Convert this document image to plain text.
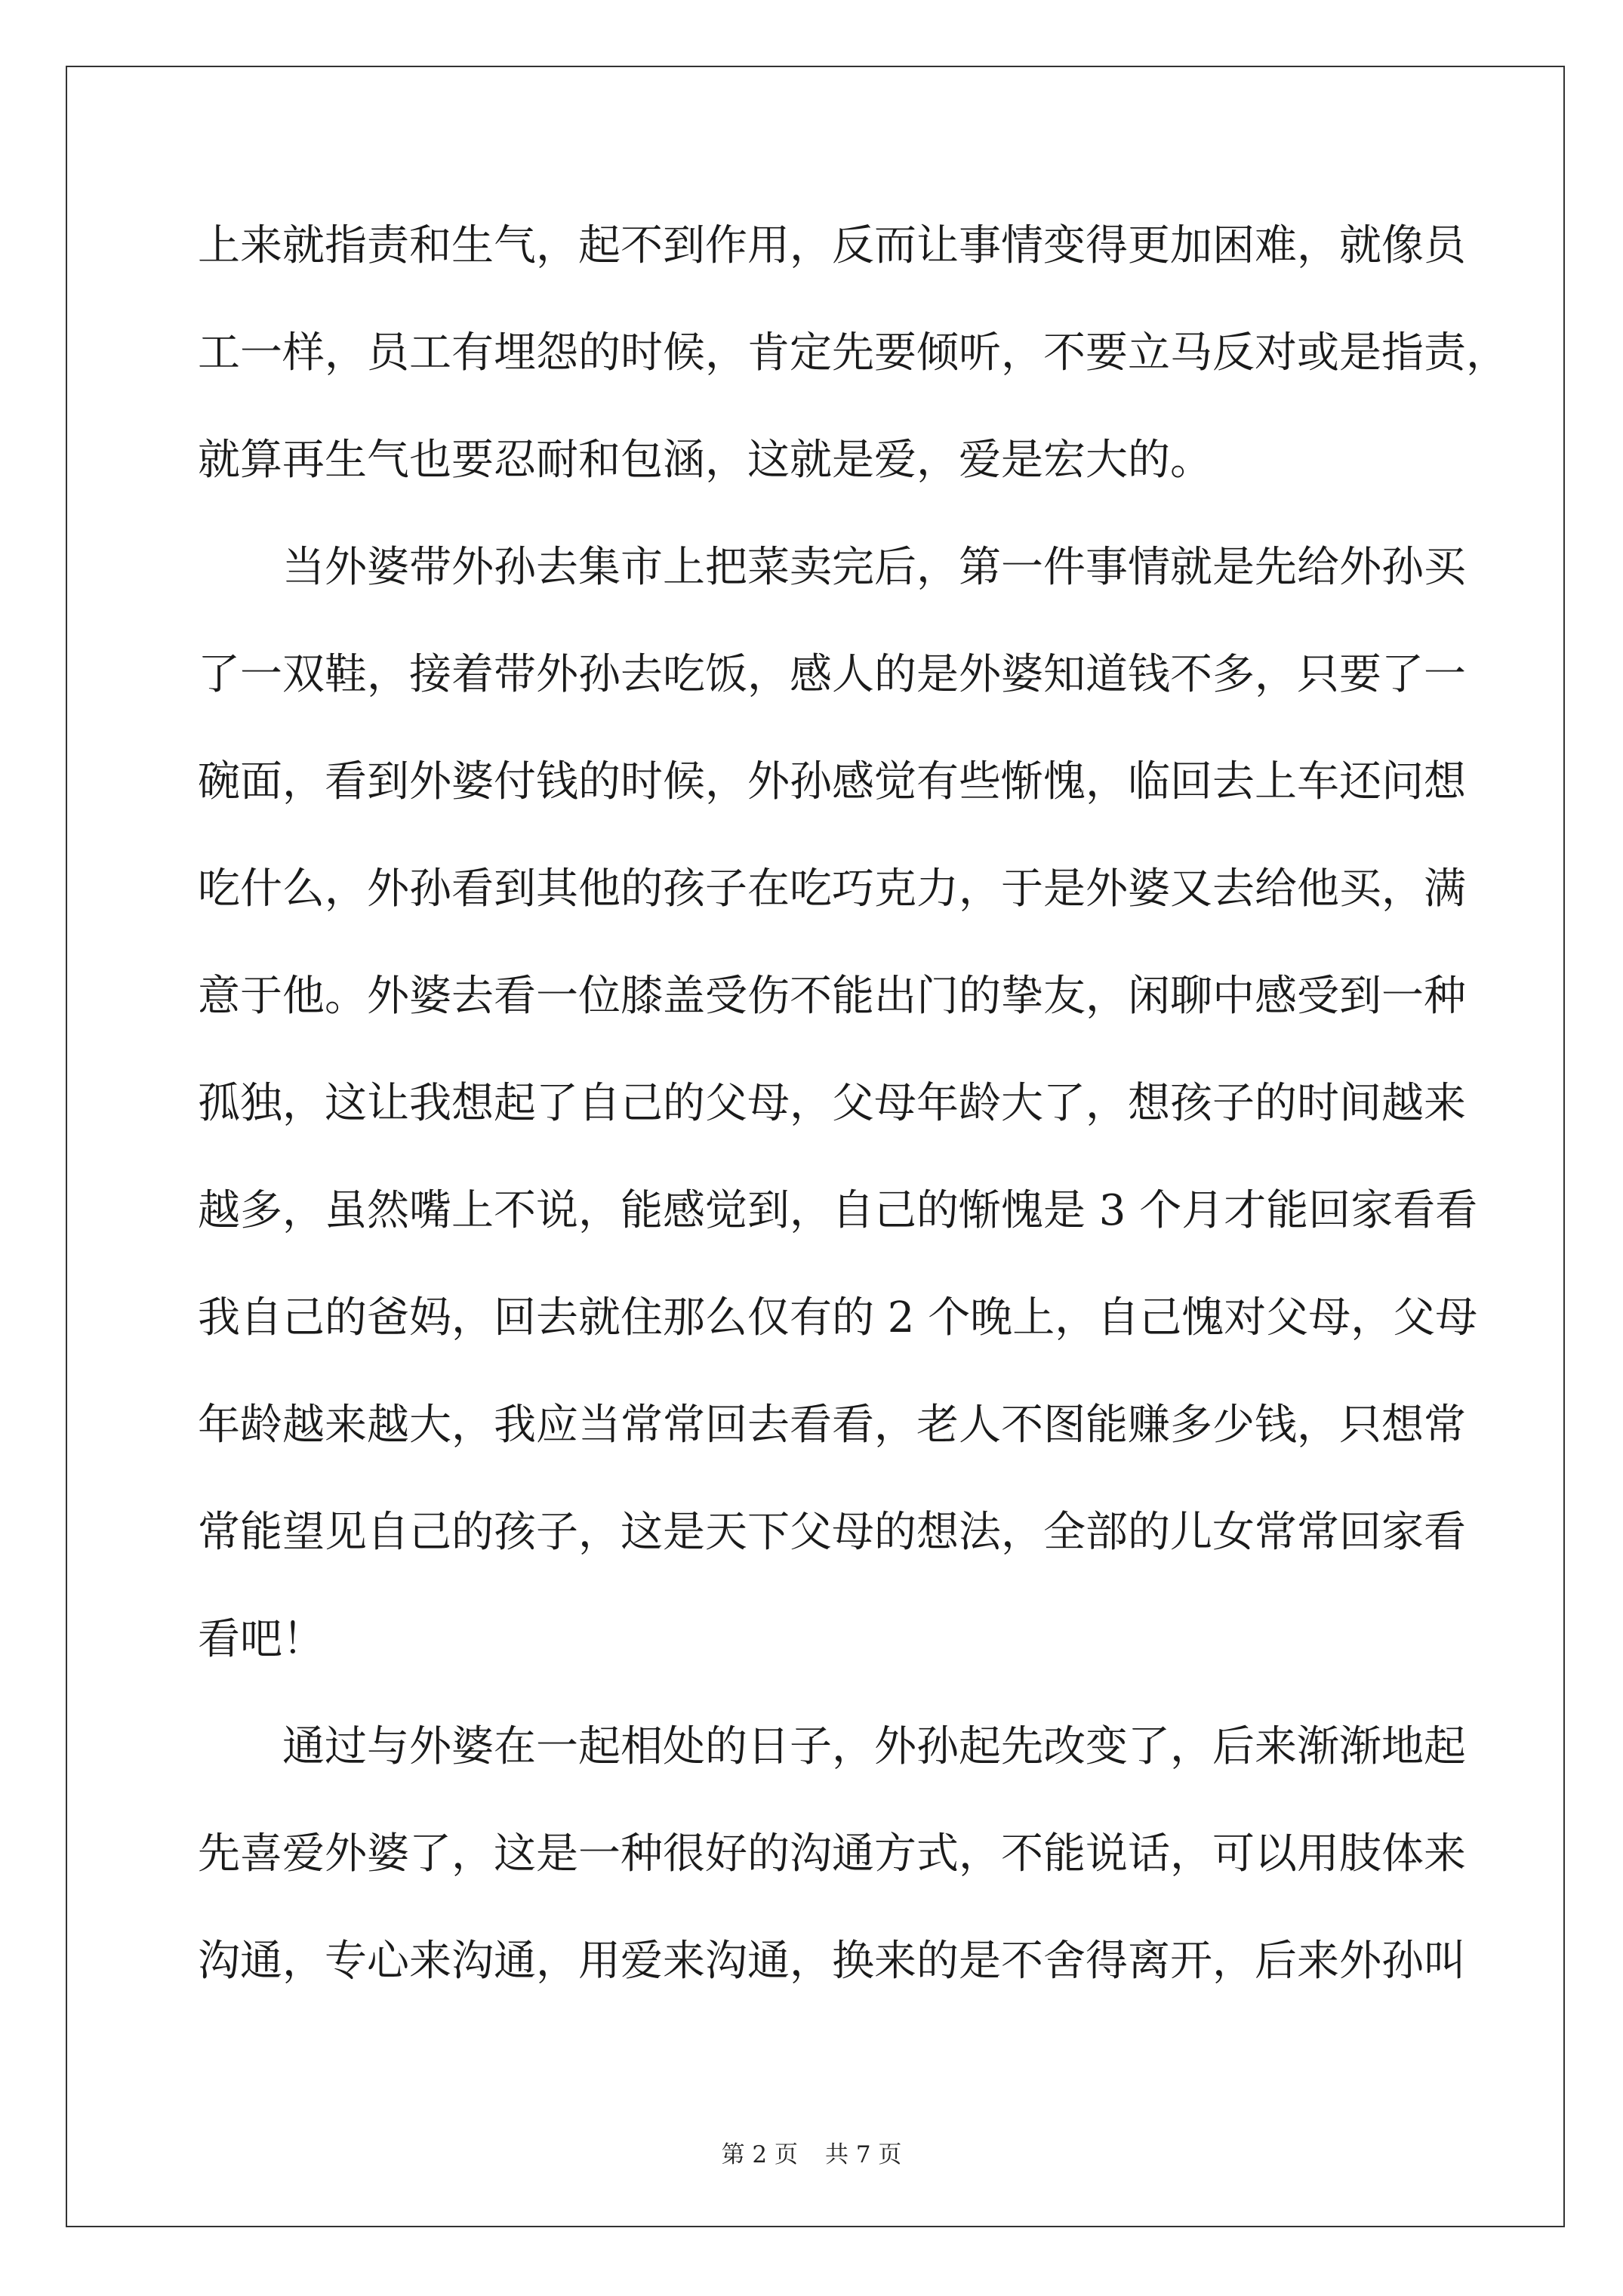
上来就指责和生气，起不到作用，反而让事情变得更加困难，就像员
工一样，员工有埋怨的时候，肯定先要倾听，不要立马反对或是指责，
就算再生气也要忍耐和包涵，这就是爱，爱是宏大的。
当外婆带外孙去集市上把菜卖完后，第一件事情就是先给外孙买
了一双鞋，接着带外孙去吃饭，感人的是外婆知道钱不多，只要了一
碗面，看到外婆付钱的时候，外孙感觉有些惭愧，临回去上车还问想
吃什么，外孙看到其他的孩子在吃巧克力，于是外婆又去给他买，满
意于他。外婆去看一位膝盖受伤不能出门的挚友，闲聊中感受到一种
孤独，这让我想起了自己的父母，父母年龄大了，想孩子的时间越来
越多，虽然嘴上不说，能感觉到，自己的惭愧是 3 个月才能回家看看
我自己的爸妈，回去就住那么仅有的 2 个晚上，自己愧对父母，父母
年龄越来越大，我应当常常回去看看，老人不图能赚多少钱，只想常
常能望见自己的孩子，这是天下父母的想法，全部的儿女常常回家看
看吧！
通过与外婆在一起相处的日子，外孙起先改变了，后来渐渐地起
先喜爱外婆了，这是一种很好的沟通方式，不能说话，可以用肢体来
沟通，专心来沟通，用爱来沟通，换来的是不舍得离开，后来外孙叫
第 2 页 共 7 页
